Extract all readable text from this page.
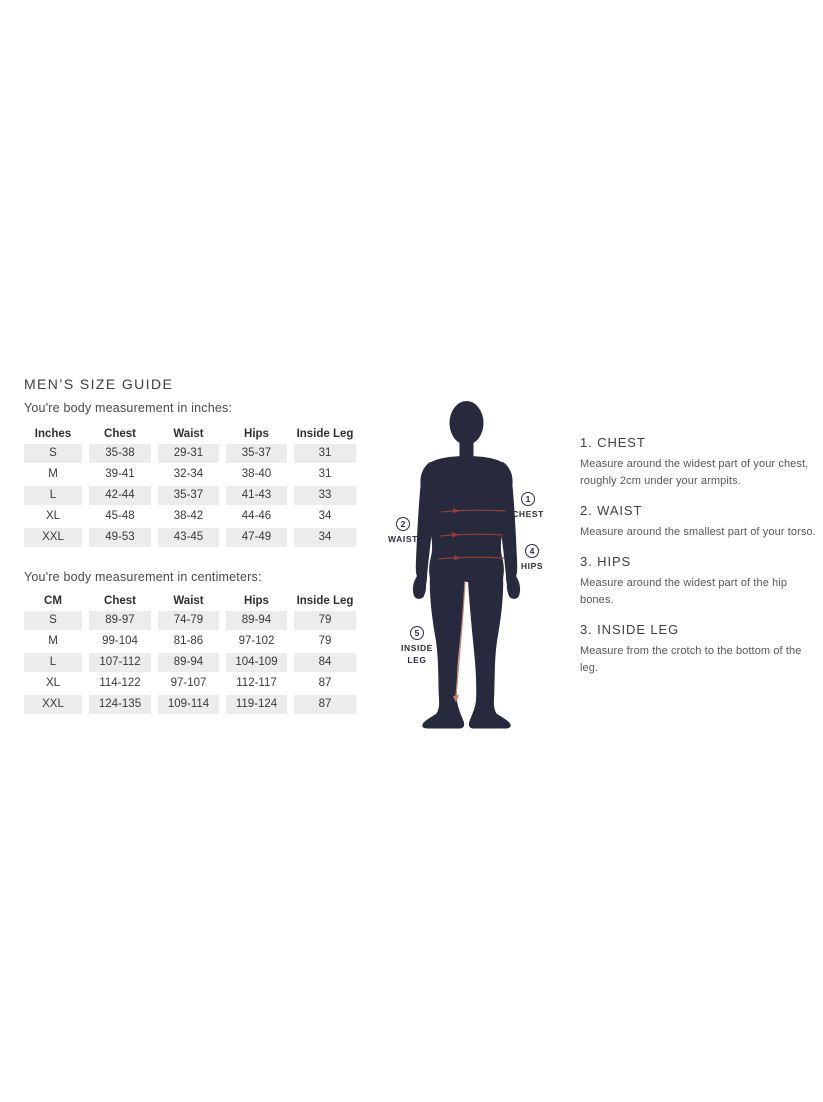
MEN’S SIZE GUIDE
You're body measurement in inches:
Inches	Chest	Waist	Hips	Inside Leg
S	35-38	29-31	35-37	31
M	39-41	32-34	38-40	31
L	42-44	35-37	41-43	33
XL	45-48	38-42	44-46	34
XXL	49-53	43-45	47-49	34
You're body measurement in centimeters:
CM	Chest	Waist	Hips	Inside Leg
S	89-97	74-79	89-94	79
M	99-104	81-86	97-102	79
L	107-112	89-94	104-109	84
XL	114-122	97-107	112-117	87
XXL	124-135	109-114	119-124	87
1
CHEST
2
WAIST
4
HIPS
5
INSIDE LEG
1. CHEST

Measure around the widest part of your chest, roughly 2cm under your armpits.

2. WAIST

Measure around the smallest part of your torso.

3. HIPS

Measure around the widest part of the hip bones.

3. INSIDE LEG

Measure from the crotch to the bottom of the leg.
